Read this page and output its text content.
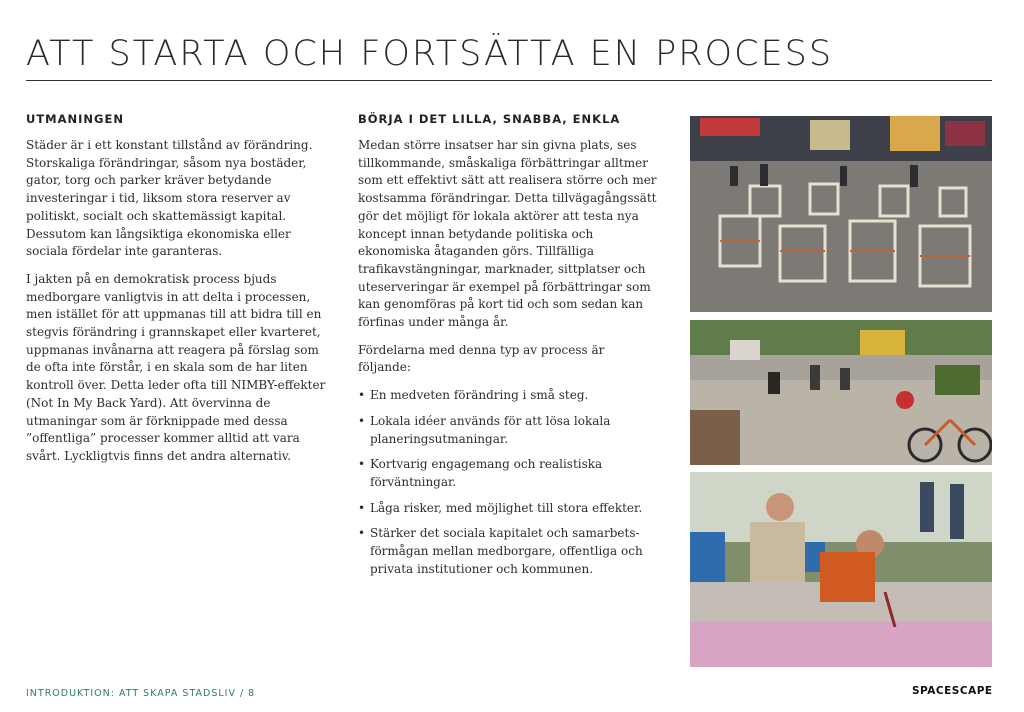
ATT STARTA OCH FORTSÄTTA EN PROCESS
UTMANINGEN

Städer är i ett konstant tillstånd av förändring. Storskaliga förändringar, såsom nya bostäder, gator, torg och parker kräver betydande investeringar i tid, liksom stora reserver av politiskt, socialt och skattemässigt kapital. Dessutom kan långsiktiga ekonomiska eller sociala fördelar inte garanteras.

I jakten på en demokratisk process bjuds medborgare vanligtvis in att delta i processen, men istället för att uppmanas till att bidra till en stegvis förändring i grannskapet eller kvarteret, uppmanas invånarna att reagera på förslag som de ofta inte förstår, i en skala som de har liten kontroll över. Detta leder ofta till NIMBY-effekter (Not In My Back Yard). Att övervinna de utmaningar som är förknippade med dessa ”offentliga” processer kommer alltid att vara svårt. Lyckligtvis finns det andra alternativ.

BÖRJA I DET LILLA, SNABBA, ENKLA

Medan större insatser har sin givna plats, ses tillkommande, småskaliga förbättringar alltmer som ett effektivt sätt att realisera större och mer kostsamma förändringar. Detta tillvägagångssätt gör det möjligt för lokala aktörer att testa nya koncept innan betydande politiska och ekonomiska åtaganden görs. Tillfälliga trafikavstängningar, marknader, sittplatser och uteserveringar är exempel på förbättringar som kan genomföras på kort tid och som sedan kan förfinas under många år.

Fördelarna med denna typ av process är följande:

• En medveten förändring i små steg.
• Lokala idéer används för att lösa lokala planeringsutmaningar.
• Kortvarig engagemang och realistiska förväntningar.
• Låga risker, med möjlighet till stora effekter.
• Stärker det sociala kapitalet och samarbets-förmågan mellan medborgare, offentliga och privata institutioner och kommunen.
INTRODUKTION: ATT SKAPA STADSLIV / 8	SPACESCAPE
